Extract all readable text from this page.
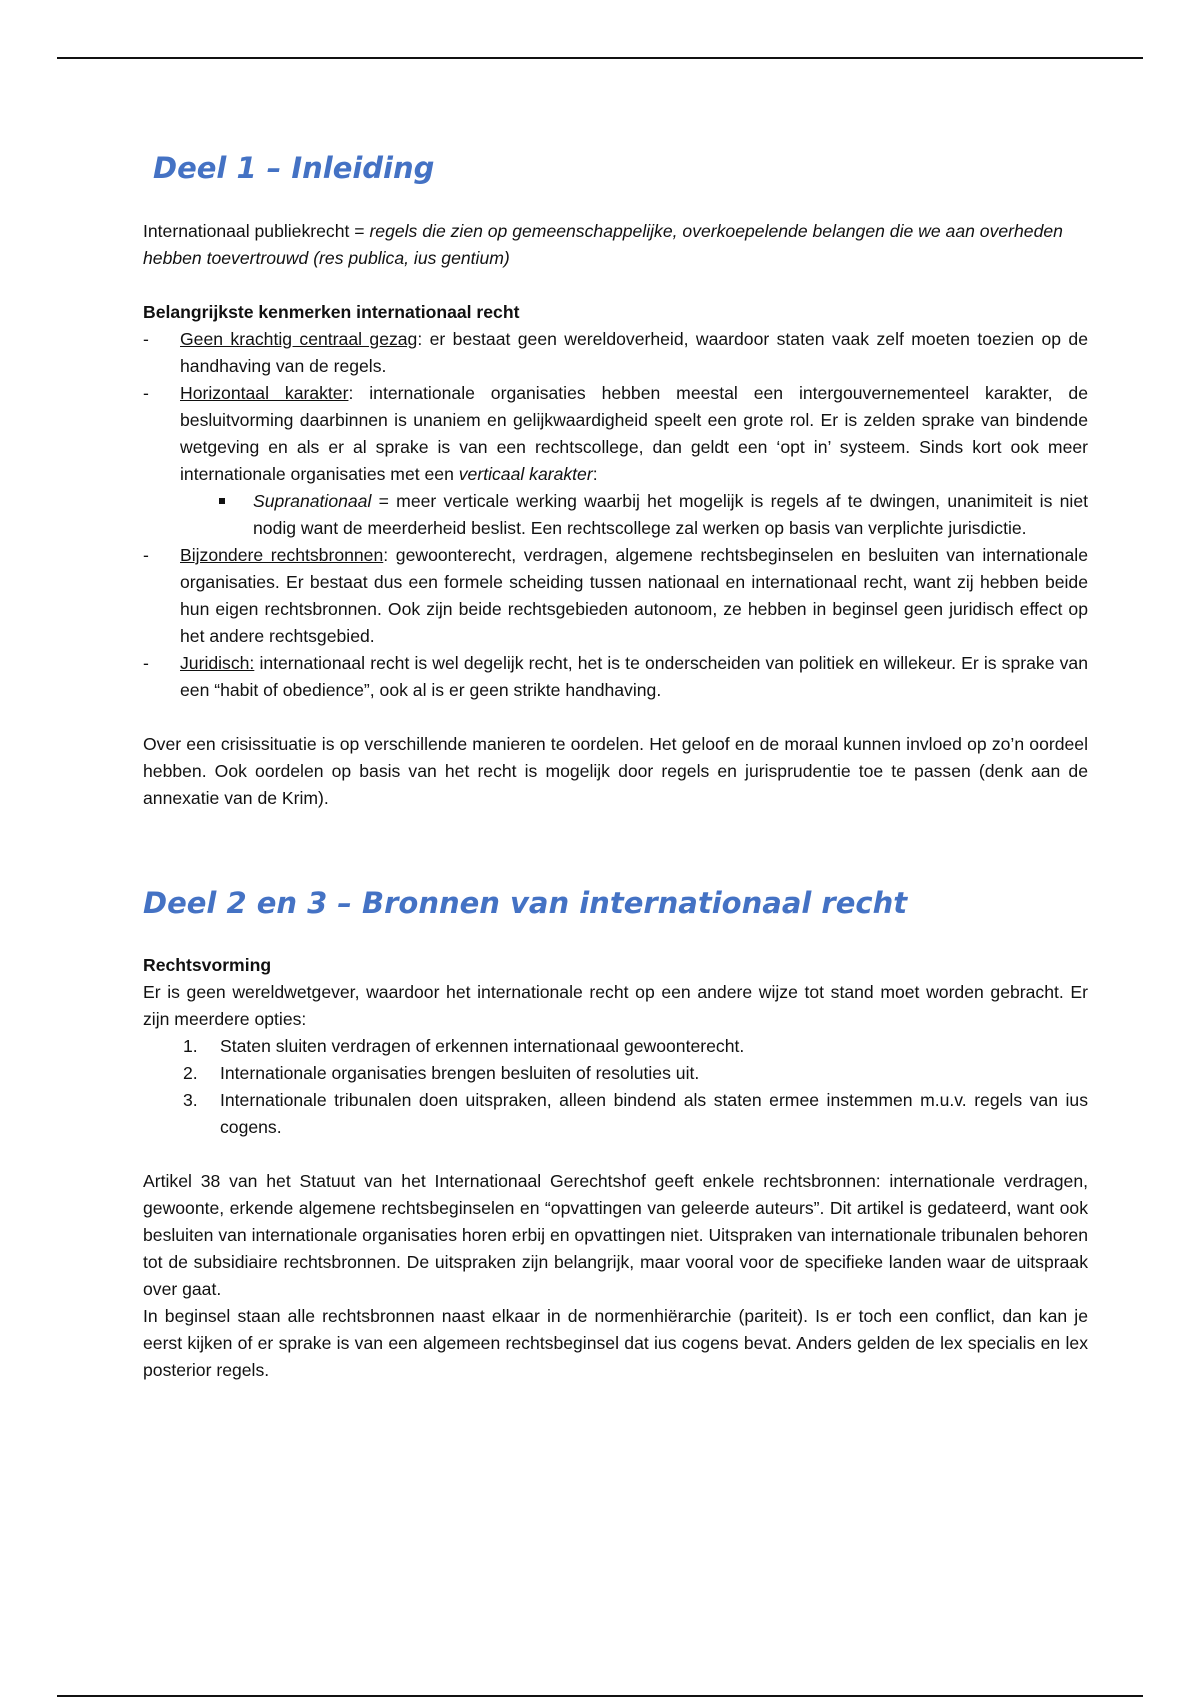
Deel 1 – Inleiding

Internationaal publiekrecht = regels die zien op gemeenschappelijke, overkoepelende belangen die we aan overheden hebben toevertrouwd (res publica, ius gentium)

Belangrijkste kenmerken internationaal recht

- Geen krachtig centraal gezag: er bestaat geen wereldoverheid, waardoor staten vaak zelf moeten toezien op de handhaving van de regels.
- Horizontaal karakter: internationale organisaties hebben meestal een intergouvernementeel karakter, de besluitvorming daarbinnen is unaniem en gelijkwaardigheid speelt een grote rol. Er is zelden sprake van bindende wetgeving en als er al sprake is van een rechtscollege, dan geldt een ‘opt in’ systeem. Sinds kort ook meer internationale organisaties met een verticaal karakter:
Supranationaal = meer verticale werking waarbij het mogelijk is regels af te dwingen, unanimiteit is niet nodig want de meerderheid beslist. Een rechtscollege zal werken op basis van verplichte jurisdictie.
- Bijzondere rechtsbronnen: gewoonterecht, verdragen, algemene rechtsbeginselen en besluiten van internationale organisaties. Er bestaat dus een formele scheiding tussen nationaal en internationaal recht, want zij hebben beide hun eigen rechtsbronnen. Ook zijn beide rechtsgebieden autonoom, ze hebben in beginsel geen juridisch effect op het andere rechtsgebied.
- Juridisch: internationaal recht is wel degelijk recht, het is te onderscheiden van politiek en willekeur. Er is sprake van een “habit of obedience”, ook al is er geen strikte handhaving.

Over een crisissituatie is op verschillende manieren te oordelen. Het geloof en de moraal kunnen invloed op zo’n oordeel hebben. Ook oordelen op basis van het recht is mogelijk door regels en jurisprudentie toe te passen (denk aan de annexatie van de Krim).

Deel 2 en 3 – Bronnen van internationaal recht

Rechtsvorming

Er is geen wereldwetgever, waardoor het internationale recht op een andere wijze tot stand moet worden gebracht. Er zijn meerdere opties:

1. Staten sluiten verdragen of erkennen internationaal gewoonterecht.
2. Internationale organisaties brengen besluiten of resoluties uit.
3. Internationale tribunalen doen uitspraken, alleen bindend als staten ermee instemmen m.u.v. regels van ius cogens.

Artikel 38 van het Statuut van het Internationaal Gerechtshof geeft enkele rechtsbronnen: internationale verdragen, gewoonte, erkende algemene rechtsbeginselen en “opvattingen van geleerde auteurs”. Dit artikel is gedateerd, want ook besluiten van internationale organisaties horen erbij en opvattingen niet. Uitspraken van internationale tribunalen behoren tot de subsidiaire rechtsbronnen. De uitspraken zijn belangrijk, maar vooral voor de specifieke landen waar de uitspraak over gaat.

In beginsel staan alle rechtsbronnen naast elkaar in de normenhiërarchie (pariteit). Is er toch een conflict, dan kan je eerst kijken of er sprake is van een algemeen rechtsbeginsel dat ius cogens bevat. Anders gelden de lex specialis en lex posterior regels.
